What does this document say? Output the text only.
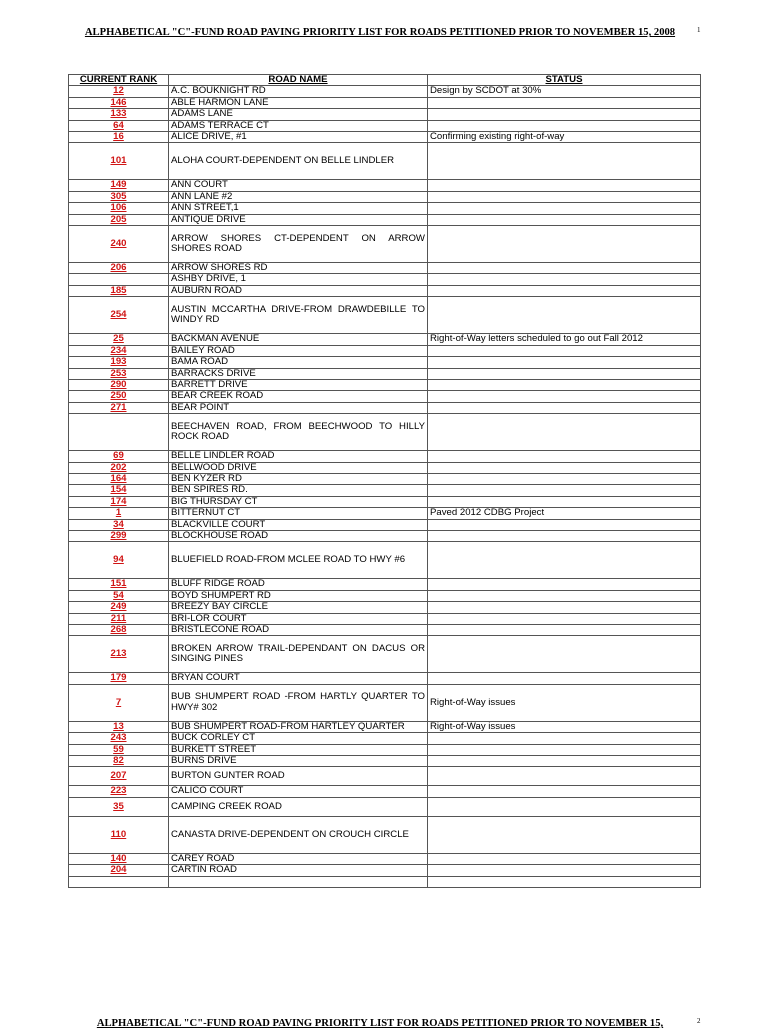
ALPHABETICAL "C"-FUND ROAD PAVING PRIORITY LIST FOR ROADS PETITIONED PRIOR TO NOVEMBER 15, 2008	1
CURRENT RANK	ROAD NAME	STATUS
12	A.C. BOUKNIGHT RD	Design by SCDOT at 30%
146	ABLE HARMON LANE	
133	ADAMS LANE	
64	ADAMS TERRACE CT	
16	ALICE DRIVE, #1	Confirming existing right-of-way
101	ALOHA COURT-DEPENDENT ON BELLE LINDLER	
149	ANN COURT	
305	ANN LANE #2	
106	ANN STREET,1	
205	ANTIQUE DRIVE	
240	ARROW SHORES CT-DEPENDENT ON ARROW SHORES ROAD	
206	ARROW SHORES RD	
	ASHBY DRIVE, 1	
185	AUBURN ROAD	
254	AUSTIN MCCARTHA DRIVE-FROM DRAWDEBILLE TO WINDY RD	
25	BACKMAN AVENUE	Right-of-Way letters scheduled to go out Fall 2012
234	BAILEY ROAD	
193	BAMA ROAD	
253	BARRACKS DRIVE	
290	BARRETT DRIVE	
250	BEAR CREEK ROAD	
271	BEAR POINT	
	BEECHAVEN ROAD, FROM BEECHWOOD TO HILLY ROCK ROAD	
69	BELLE LINDLER ROAD	
202	BELLWOOD DRIVE	
164	BEN KYZER RD	
154	BEN SPIRES RD.	
174	BIG THURSDAY CT	
1	BITTERNUT CT	Paved 2012 CDBG Project
34	BLACKVILLE COURT	
299	BLOCKHOUSE ROAD	
94	BLUEFIELD ROAD-FROM MCLEE ROAD TO HWY #6	
151	BLUFF RIDGE ROAD	
54	BOYD SHUMPERT RD	
249	BREEZY BAY CIRCLE	
211	BRI-LOR COURT	
268	BRISTLECONE ROAD	
213	BROKEN ARROW TRAIL-DEPENDANT ON DACUS OR SINGING PINES	
179	BRYAN COURT	
7	BUB SHUMPERT ROAD -FROM HARTLY QUARTER TO HWY# 302	Right-of-Way issues
13	BUB SHUMPERT ROAD-FROM HARTLEY QUARTER	Right-of-Way issues
243	BUCK CORLEY CT	
59	BURKETT STREET	
82	BURNS DRIVE	
207	BURTON GUNTER ROAD	
223	CALICO COURT	
35	CAMPING CREEK ROAD	
110	CANASTA DRIVE-DEPENDENT ON CROUCH CIRCLE	
140	CAREY ROAD	
204	CARTIN ROAD	

ALPHABETICAL "C"-FUND ROAD PAVING PRIORITY LIST FOR ROADS PETITIONED PRIOR TO NOVEMBER 15,	2
